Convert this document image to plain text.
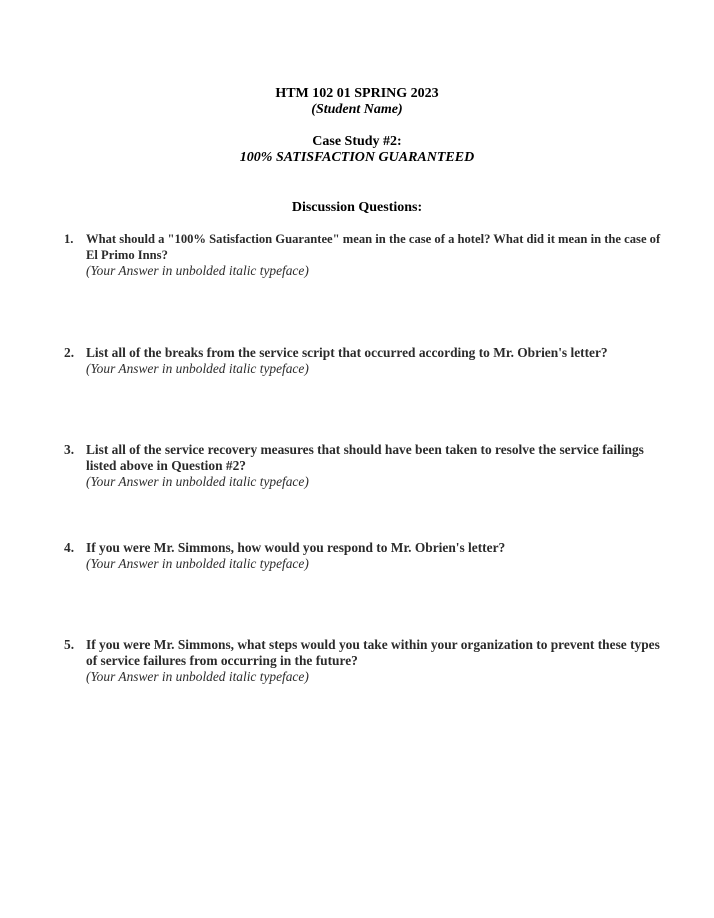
HTM 102 01 SPRING 2023
(Student Name)
Case Study #2:
100% SATISFACTION GUARANTEED
Discussion Questions:
1. What should a "100% Satisfaction Guarantee" mean in the case of a hotel? What did it mean in the case of El Primo Inns?
(Your Answer in unbolded italic typeface)
2. List all of the breaks from the service script that occurred according to Mr. Obrien's letter?
(Your Answer in unbolded italic typeface)
3. List all of the service recovery measures that should have been taken to resolve the service failings listed above in Question #2?
(Your Answer in unbolded italic typeface)
4. If you were Mr. Simmons, how would you respond to Mr. Obrien's letter?
(Your Answer in unbolded italic typeface)
5. If you were Mr. Simmons, what steps would you take within your organization to prevent these types of service failures from occurring in the future?
(Your Answer in unbolded italic typeface)
